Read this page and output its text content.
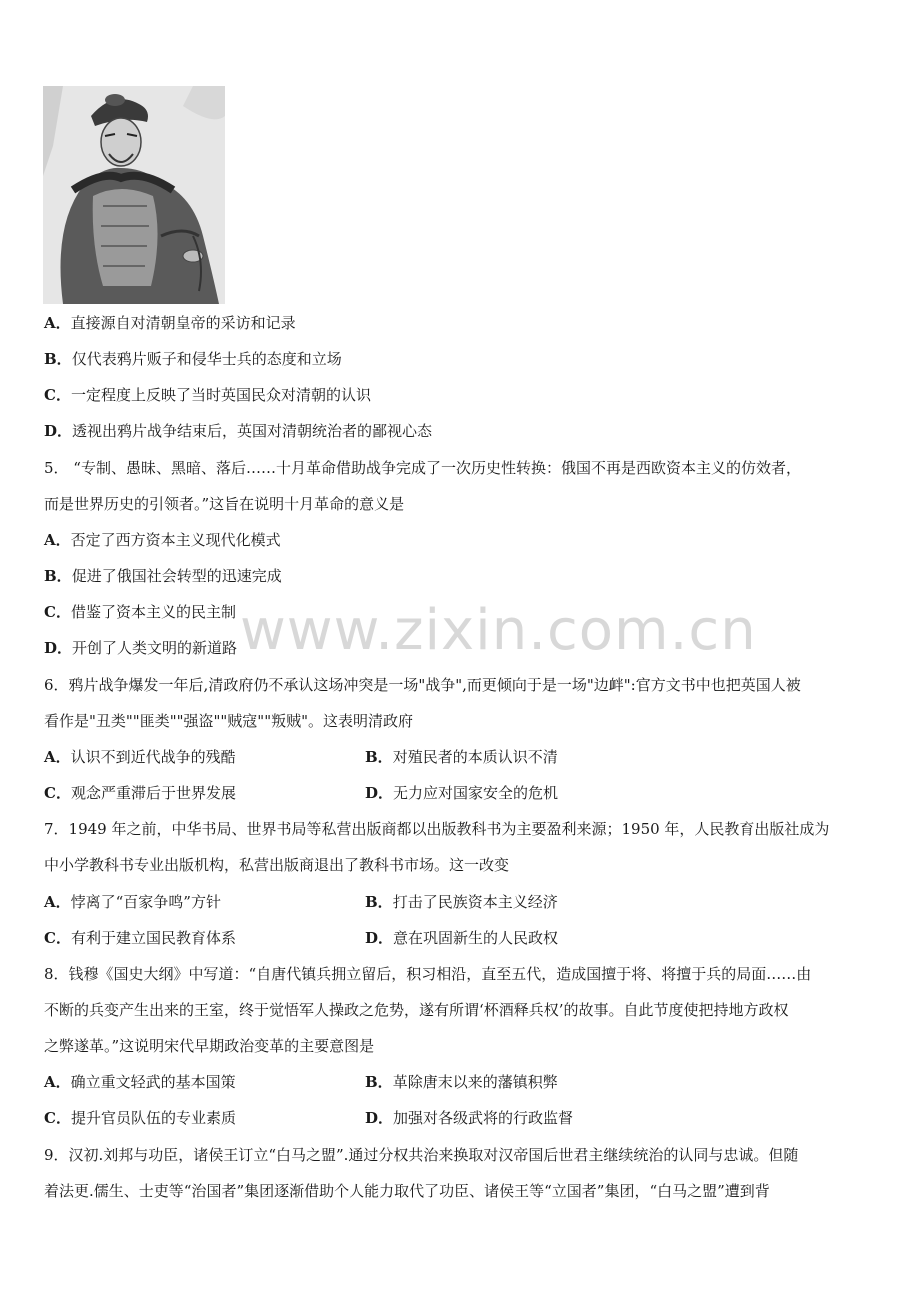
www.zixin.com.cn
A．直接源自对清朝皇帝的采访和记录
B．仅代表鸦片贩子和侵华士兵的态度和立场
C．一定程度上反映了当时英国民众对清朝的认识
D．透视出鸦片战争结束后，英国对清朝统治者的鄙视心态
5． “专制、愚昧、黑暗、落后……十月革命借助战争完成了一次历史性转换：俄国不再是西欧资本主义的仿效者，
而是世界历史的引领者。”这旨在说明十月革命的意义是
A．否定了西方资本主义现代化模式
B．促进了俄国社会转型的迅速完成
C．借鉴了资本主义的民主制
D．开创了人类文明的新道路
6．鸦片战争爆发一年后,清政府仍不承认这场冲突是一场"战争",而更倾向于是一场"边衅":官方文书中也把英国人被
看作是"丑类""匪类""强盗""贼寇""叛贼"。这表明清政府
A．认识不到近代战争的残酷	B．对殖民者的本质认识不清
C．观念严重滞后于世界发展	D．无力应对国家安全的危机
7．1949 年之前，中华书局、世界书局等私营出版商都以出版教科书为主要盈利来源；1950 年，人民教育出版社成为
中小学教科书专业出版机构，私营出版商退出了教科书市场。这一改变
A．悖离了“百家争鸣”方针	B．打击了民族资本主义经济
C．有利于建立国民教育体系	D．意在巩固新生的人民政权
8．钱穆《国史大纲》中写道：“自唐代镇兵拥立留后，积习相沿，直至五代，造成国擅于将、将擅于兵的局面……由
不断的兵变产生出来的王室，终于觉悟军人操政之危势，遂有所谓‘杯酒释兵权’的故事。自此节度使把持地方政权
之弊遂革。”这说明宋代早期政治变革的主要意图是
A．确立重文轻武的基本国策	B．革除唐末以来的藩镇积弊
C．提升官员队伍的专业素质	D．加强对各级武将的行政监督
9．汉初.刘邦与功臣，诸侯王订立“白马之盟”.通过分权共治来换取对汉帝国后世君主继续统治的认同与忠诚。但随
着法更.儒生、士吏等“治国者”集团逐渐借助个人能力取代了功臣、诸侯王等“立国者”集团，“白马之盟”遭到背
